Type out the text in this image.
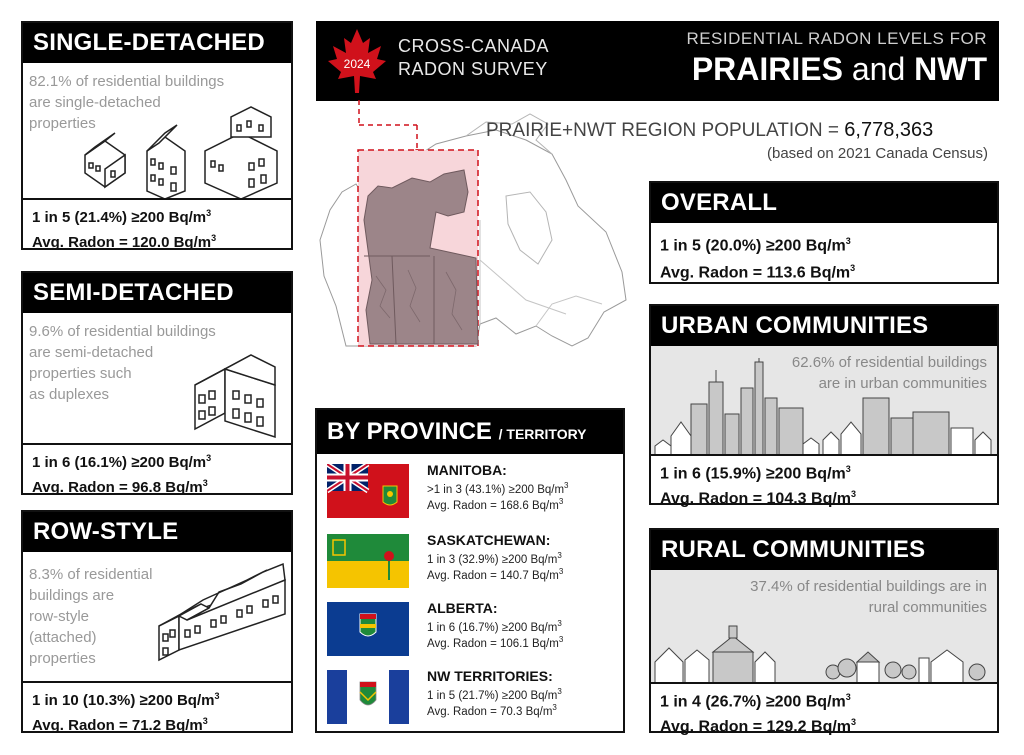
SINGLE-DETACHED
82.1% of residential buildings
are single-detached
properties
1 in 5 (21.4%) ≥200 $Bq/m^3$
Avg. Radon = 120.0 $Bq/m^3$
SEMI-DETACHED
9.6% of residential buildings
are semi-detached
properties such
as duplexes
1 in 6 (16.1%) ≥200 $Bq/m^3$
Avg. Radon = 96.8 $Bq/m^3$
ROW-STYLE
8.3% of residential
buildings are
row-style
(attached)
properties
1 in 10 (10.3%) ≥200 $Bq/m^3$
Avg. Radon = 71.2 $Bq/m^3$
2024
CROSS-CANADA
RADON SURVEY
RESIDENTIAL RADON LEVELS FOR
PRAIRIES and NWT
PRAIRIE+NWT REGION POPULATION = 6,778,363
(based on 2021 Canada Census)
OVERALL
1 in 5 (20.0%) ≥200 $Bq/m^3$
Avg. Radon = 113.6 $Bq/m^3$
URBAN COMMUNITIES
62.6% of residential buildings
are in urban communities
1 in 6 (15.9%) ≥200 $Bq/m^3$
Avg. Radon = 104.3 $Bq/m^3$
RURAL COMMUNITIES
37.4% of residential buildings are in
rural communities
1 in 4 (26.7%) ≥200 $Bq/m^3$
Avg. Radon = 129.2 $Bq/m^3$
BY PROVINCE / TERRITORY
MANITOBA:
>1 in 3 (43.1%) ≥200 $Bq/m^3$
Avg. Radon = 168.6 $Bq/m^3$
SASKATCHEWAN:
1 in 3 (32.9%) ≥200 $Bq/m^3$
Avg. Radon = 140.7 $Bq/m^3$
ALBERTA:
1 in 6 (16.7%) ≥200 $Bq/m^3$
Avg. Radon = 106.1 $Bq/m^3$
NW TERRITORIES:
1 in 5 (21.7%) ≥200 $Bq/m^3$
Avg. Radon = 70.3 $Bq/m^3$
